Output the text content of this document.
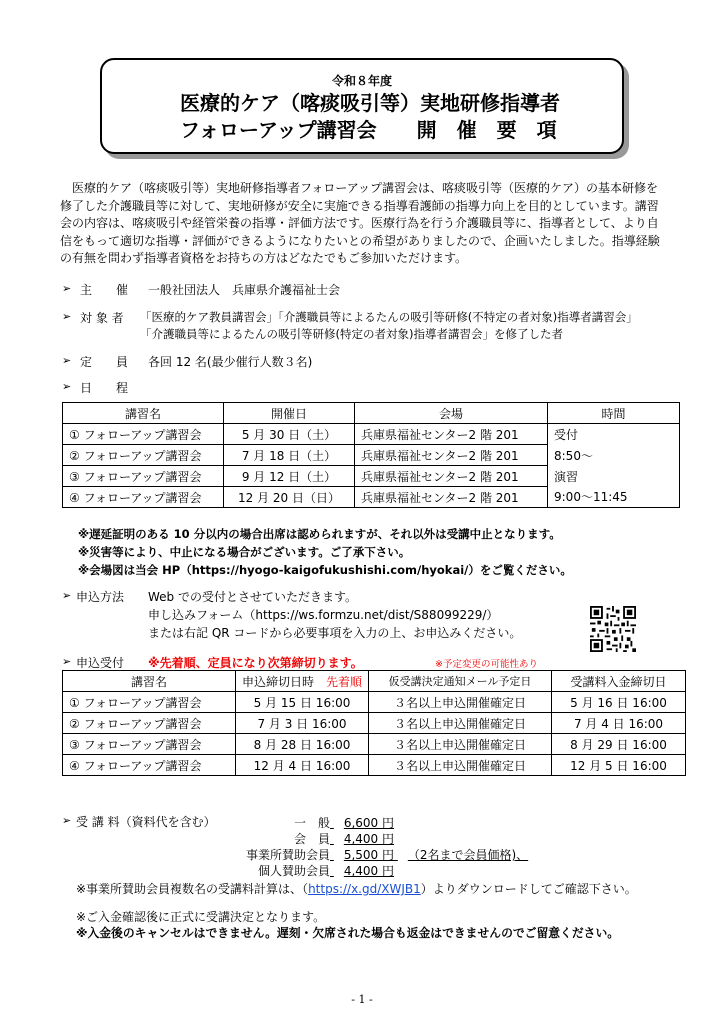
令和８年度
医療的ケア（喀痰吸引等）実地研修指導者
フォローアップ講習会　　開　催　要　項

医療的ケア（喀痰吸引等）実地研修指導者フォローアップ講習会は、喀痰吸引等（医療的ケア）の基本研修を

修了した介護職員等に対して、実地研修が安全に実施できる指導看護師の指導力向上を目的としています。講習

会の内容は、喀痰吸引や経管栄養の指導・評価方法です。医療行為を行う介護職員等に、指導者として、より自

信をもって適切な指導・評価ができるようになりたいとの希望がありましたので、企画いたしました。指導経験

の有無を問わず指導者資格をお持ちの方はどなたでもご参加いただけます。

➢ 主　　催 一般社団法人　兵庫県介護福祉士会
➢ 対 象 者 「医療的ケア教員講習会」「介護職員等によるたんの吸引等研修(不特定の者対象)指導者講習会」
「介護職員等によるたんの吸引等研修(特定の者対象)指導者講習会」を修了した者
➢ 定　　員 各回 12 名(最少催行人数３名)
➢ 日　　程
講習名	開催日	会場	時間
① フォローアップ講習会	5 月 30 日（土）	兵庫県福祉センター2 階 201	受付
② フォローアップ講習会	7 月 18 日（土）	兵庫県福祉センター2 階 201	8:50～
③ フォローアップ講習会	9 月 12 日（土）	兵庫県福祉センター2 階 201	演習
④ フォローアップ講習会	12 月 20 日（日）	兵庫県福祉センター2 階 201	9:00～11:45
※遅延証明のある 10 分以内の場合出席は認められますが、それ以外は受講中止となります。
※災害等により、中止になる場合がございます。ご了承下さい。
※会場図は当会 HP（https://hyogo-kaigofukushishi.com/hyokai/）をご覧ください。
➢ 申込方法 Web での受付とさせていただきます。
申し込みフォーム（https://ws.formzu.net/dist/S88099229/）
または右記 QR コードから必要事項を入力の上、お申込みください。
➢ 申込受付 ※先着順、定員になり次第締切ります。	※予定変更の可能性あり
講習名	申込締切日時　 先着順	仮受講決定通知メール予定日	受講料入金締切日
① フォローアップ講習会	5 月 15 日 16:00	３名以上申込開催確定日	5 月 16 日 16:00
② フォローアップ講習会	7 月 3 日 16:00	３名以上申込開催確定日	7 月 4 日 16:00
③ フォローアップ講習会	8 月 28 日 16:00	３名以上申込開催確定日	8 月 29 日 16:00
④ フォローアップ講習会	12 月 4 日 16:00	３名以上申込開催確定日	12 月 5 日 16:00
➢ 受 講 料（資料代を含む）	一　般 6,600 円
会　員 4,400 円
事業所賛助会員 5,500 円 （2名まで会員価格)、
個人賛助会員 4,400 円
※事業所賛助会員複数名の受講料計算は、（https://x.gd/XWJB1）よりダウンロードしてご確認下さい。
※ご入金確認後に正式に受講決定となります。
※入金後のキャンセルはできません。遅刻・欠席された場合も返金はできませんのでご留意ください。
- 1 -
